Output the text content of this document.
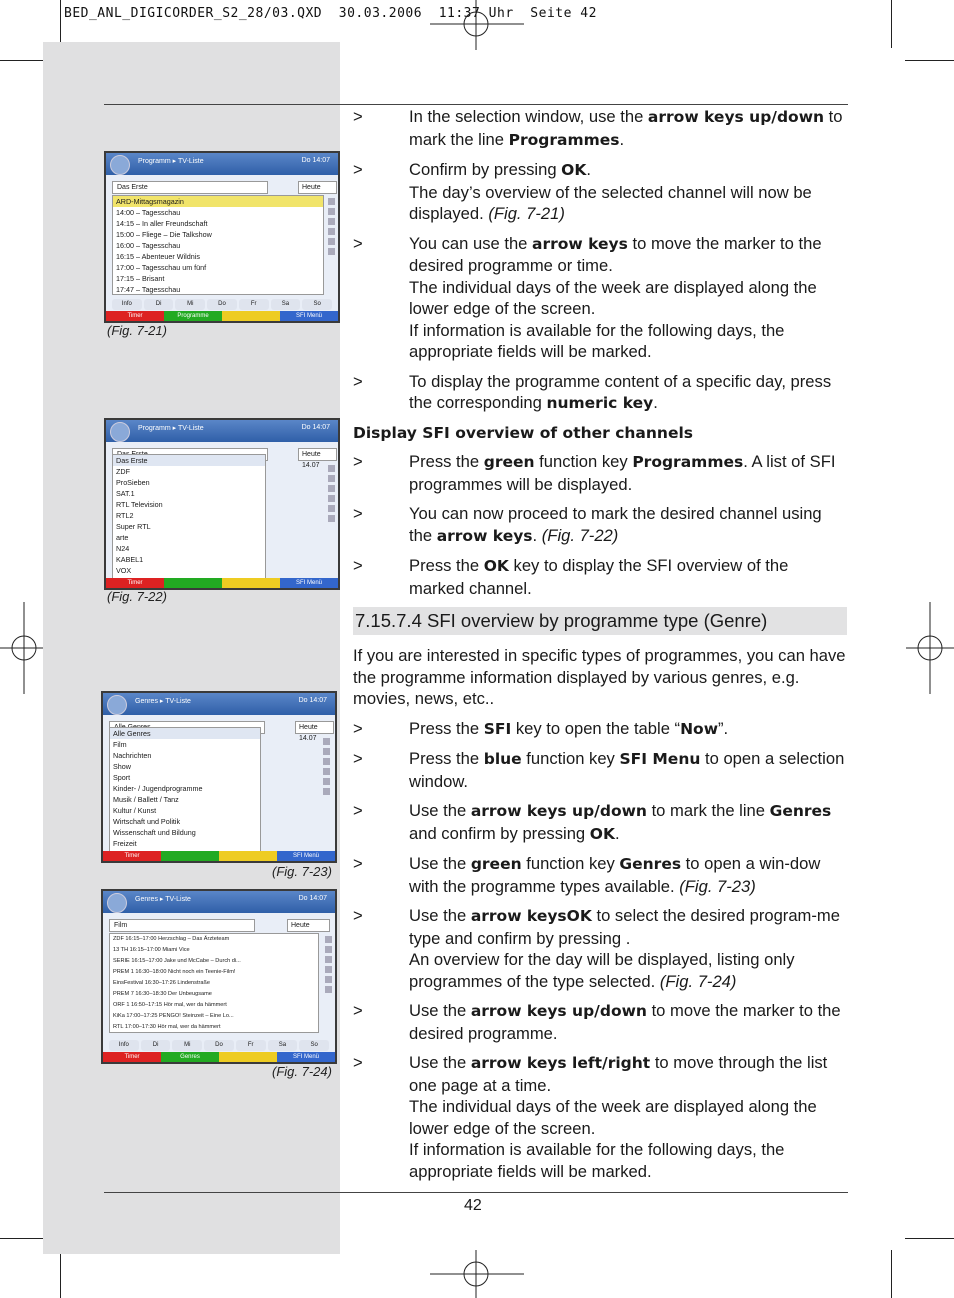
BED_ANL_DIGICORDER_S2_28/03.QXD  30.03.2006  11:37 Uhr  Seite 42
Programm ▸ TV-Liste	Do 14:07
Das Erste	Heute
ARD-Mittagsmagazin
14:00 – Tagesschau
14:15 – In aller Freundschaft
15:00 – Fliege – Die Talkshow
16:00 – Tagesschau
16:15 – Abenteuer Wildnis
17:00 – Tagesschau um fünf
17:15 – Brisant
17:47 – Tagesschau
Info	Di	Mi	Do	Fr	Sa	So
Timer	Programme	SFI Menü
(Fig. 7-21)
Programm ▸ TV-Liste	Do 14:07
Heute 14.07
Das Erste
ZDF
ProSieben
SAT.1
RTL Television
RTL2
Super RTL
arte
N24
KABEL1
VOX
Timer	SFI Menü
(Fig. 7-22)
Genres ▸ TV-Liste	Do 14:07
Heute 14.07
Alle Genres
Film
Nachrichten
Show
Sport
Kinder- / Jugendprogramme
Musik / Ballett / Tanz
Kultur / Kunst
Wirtschaft und Politik
Wissenschaft und Bildung
Freizeit
Timer	SFI Menü
(Fig. 7-23)
Genres ▸ TV-Liste	Do 14:07
Film	Heute
ZDF 16:15–17:00 Herzschlag – Das Ärzteteam
13 TH 16:15–17:00 Miami Vice
SERIE 16:15–17:00 Jake und McCabe – Durch di...
PREM 1 16:30–18:00 Nicht noch ein Teenie-Film!
EinsFestival 16:30–17:26 Lindenstraße
PREM 7 16:30–18:30 Der Unbeugsame
ORF 1 16:50–17:15 Hör mal, wer da hämmert
KiKa 17:00–17:25 PENGO! Steinzeit – Eine Lo...
RTL 17:00–17:30 Hör mal, wer da hämmert
Info	Di	Mi	Do	Fr	Sa	So
Timer	Genres	SFI Menü
(Fig. 7-24)
>	In the selection window, use the arrow keys up/down to mark the line Programmes.

>	Confirm by pressing OK.

The day’s overview of the selected channel will now be displayed. (Fig. 7-21)

>	You can use the arrow keys to move the marker to the desired programme or time.

The individual days of the week are displayed along the lower edge of the screen.

If information is available for the following days, the appropriate fields will be marked.

>	To display the programme content of a specific day, press the corresponding numeric key.

Display SFI overview of other channels
>	Press the green function key Programmes. A list of SFI programmes will be displayed.

>	You can now proceed to mark the desired channel using the arrow keys. (Fig. 7-22)

>	Press the OK key to display the SFI overview of the marked channel.

7.15.7.4 SFI overview by programme type (Genre)

If you are interested in specific types of programmes, you can have the programme information displayed by various genres, e.g. movies, news, etc..

>	Press the SFI key to open the table “Now”.

>	Press the blue function key SFI Menu to open a selection window.

>	Use the arrow keys up/down to mark the line Genres and confirm by pressing OK.

>	Use the green function key Genres to open a win-dow with the programme types available. (Fig. 7-23)

>	Use the arrow keysOK to select the desired program-me type and confirm by pressing .

An overview for the day will be displayed, listing only programmes of the type selected. (Fig. 7-24)

>	Use the arrow keys up/down to move the marker to the desired programme.

>	Use the arrow keys left/right to move through the list one page at a time.

The individual days of the week are displayed along the lower edge of the screen.

If information is available for the following days, the appropriate fields will be marked.

42
